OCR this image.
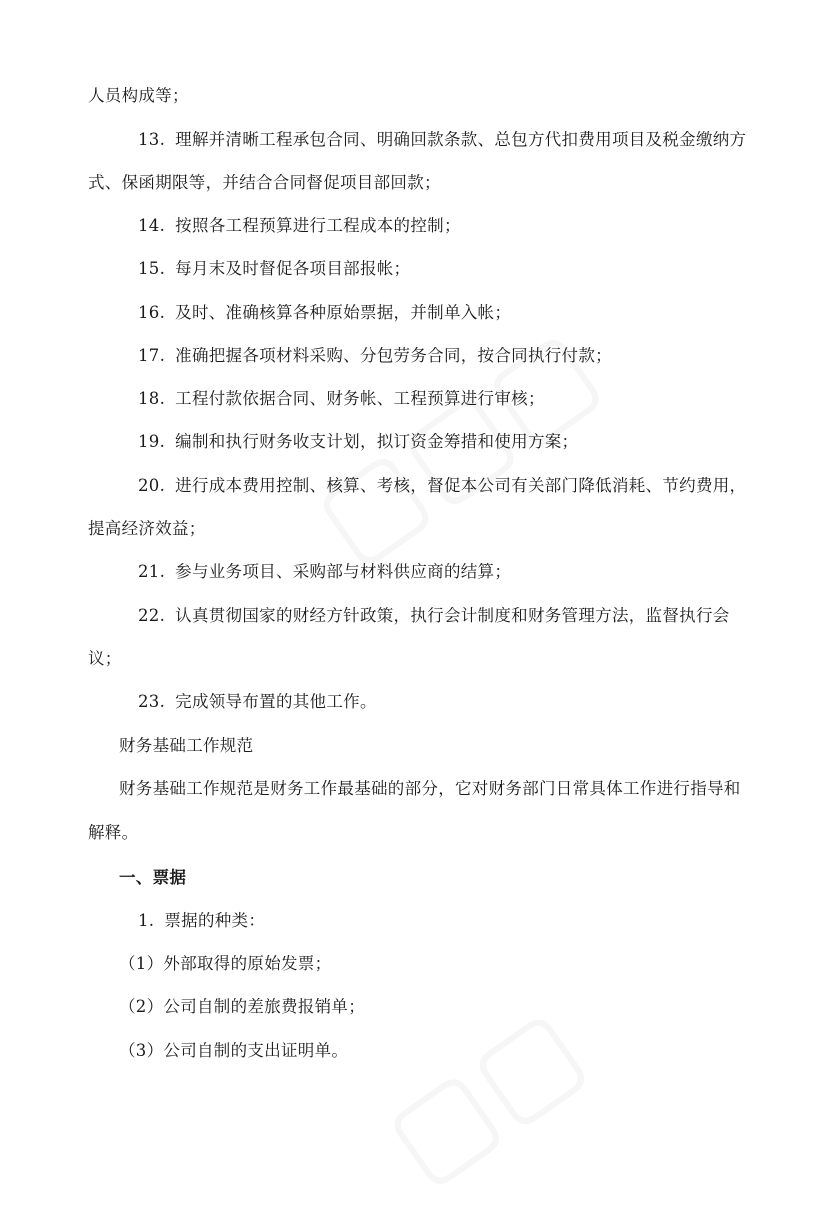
人员构成等；
13. 理解并清晰工程承包合同、明确回款条款、总包方代扣费用项目及税金缴纳方
式、保函期限等，并结合合同督促项目部回款；
14. 按照各工程预算进行工程成本的控制；
15. 每月末及时督促各项目部报帐；
16. 及时、准确核算各种原始票据，并制单入帐；
17. 准确把握各项材料采购、分包劳务合同，按合同执行付款；
18. 工程付款依据合同、财务帐、工程预算进行审核；
19. 编制和执行财务收支计划，拟订资金筹措和使用方案；
20. 进行成本费用控制、核算、考核，督促本公司有关部门降低消耗、节约费用，
提高经济效益；
21. 参与业务项目、采购部与材料供应商的结算；
22. 认真贯彻国家的财经方针政策，执行会计制度和财务管理方法，监督执行会
议；
23. 完成领导布置的其他工作。
财务基础工作规范
财务基础工作规范是财务工作最基础的部分，它对财务部门日常具体工作进行指导和
解释。
一、票据
1. 票据的种类：
（1）外部取得的原始发票；
（2）公司自制的差旅费报销单；
（3）公司自制的支出证明单。
